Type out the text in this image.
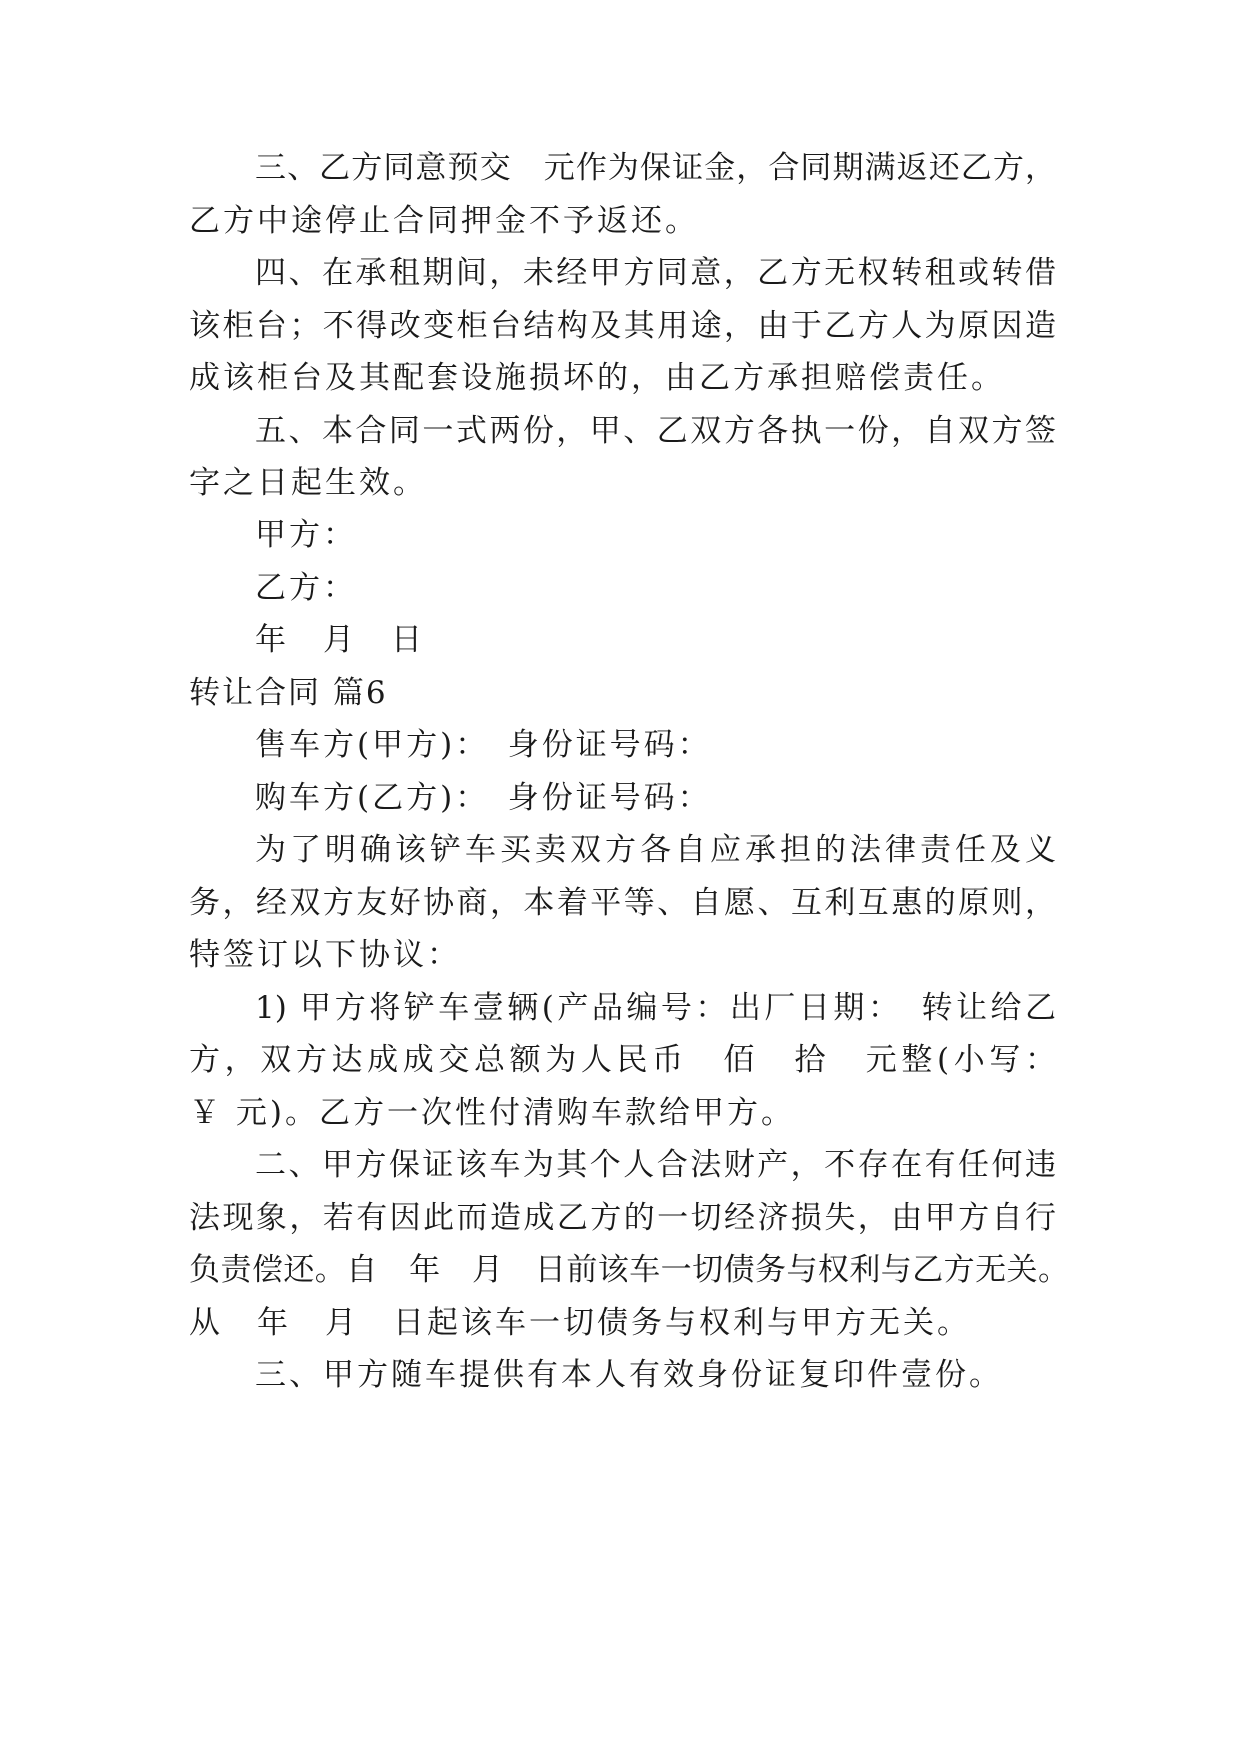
三、乙方同意预交　元作为保证金，合同期满返还乙方，
乙方中途停止合同押金不予返还。
四、在承租期间，未经甲方同意，乙方无权转租或转借
该柜台；不得改变柜台结构及其用途，由于乙方人为原因造
成该柜台及其配套设施损坏的，由乙方承担赔偿责任。
五、本合同一式两份，甲、乙双方各执一份，自双方签
字之日起生效。
甲方：
乙方：
年　月　日
转让合同 篇6
售车方(甲方)：　身份证号码：
购车方(乙方)：　身份证号码：
为了明确该铲车买卖双方各自应承担的法律责任及义
务，经双方友好协商，本着平等、自愿、互利互惠的原则，
特签订以下协议：
1) 甲方将铲车壹辆(产品编号：出厂日期：　转让给乙
方，双方达成成交总额为人民币　佰　拾　元整(小写：
￥ 元)。乙方一次性付清购车款给甲方。
二、甲方保证该车为其个人合法财产，不存在有任何违
法现象，若有因此而造成乙方的一切经济损失，由甲方自行
负责偿还。自　年　月　日前该车一切债务与权利与乙方无关。
从　年　月　日起该车一切债务与权利与甲方无关。
三、甲方随车提供有本人有效身份证复印件壹份。
